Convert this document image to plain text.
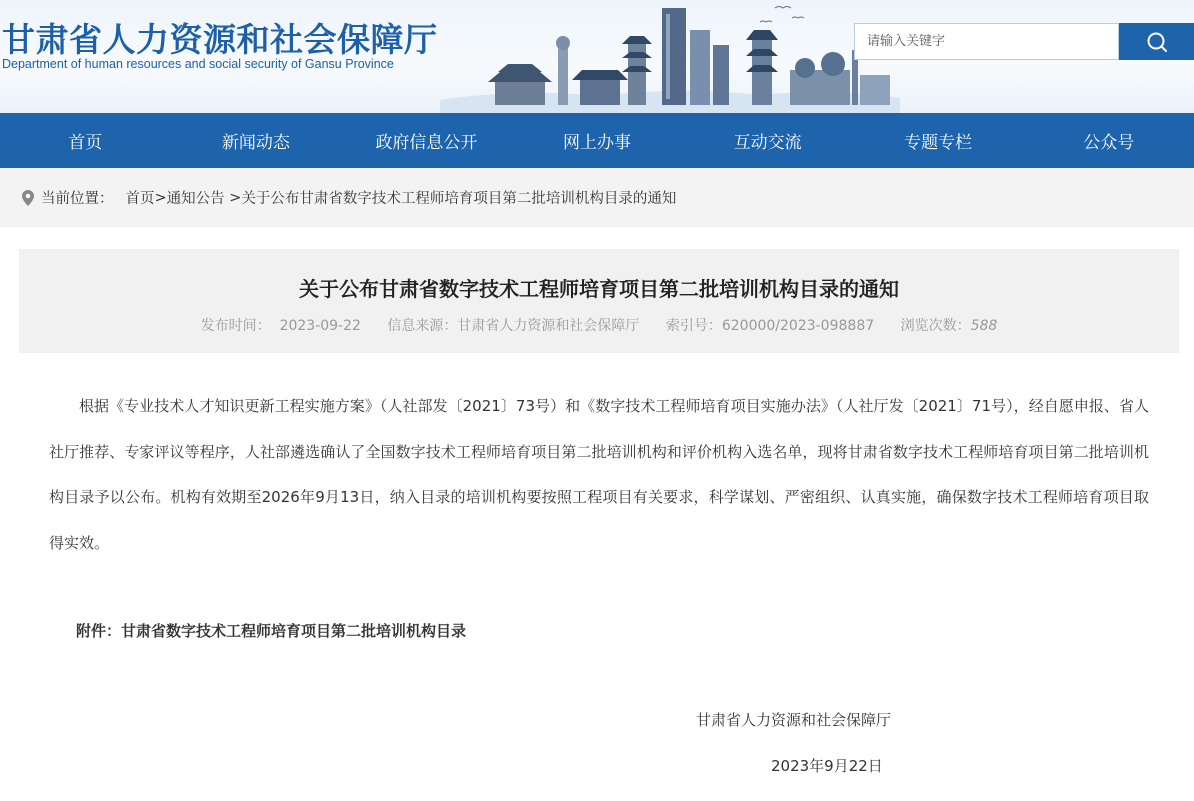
甘肃省人力资源和社会保障厅
Department of human resources and social security of Gansu Province
请输入关键字
首页	新闻动态	政府信息公开	网上办事	互动交流	专题专栏	公众号
当前位置： 首页 > 通知公告 > 关于公布甘肃省数字技术工程师培育项目第二批培训机构目录的通知
关于公布甘肃省数字技术工程师培育项目第二批培训机构目录的通知
发布时间： 2023-09-22 信息来源：甘肃省人力资源和社会保障厅 索引号：620000/2023-098887 浏览次数：588

根据《专业技术人才知识更新工程实施方案》（人社部发〔2021〕73号）和《数字技术工程师培育项目实施办法》（人社厅发〔2021〕71号），经自愿申报、省人社厅推荐、专家评议等程序，人社部遴选确认了全国数字技术工程师培育项目第二批培训机构和评价机构入选名单，现将甘肃省数字技术工程师培育项目第二批培训机构目录予以公布。机构有效期至2026年9月13日，纳入目录的培训机构要按照工程项目有关要求，科学谋划、严密组织、认真实施，确保数字技术工程师培育项目取得实效。

附件：甘肃省数字技术工程师培育项目第二批培训机构目录
甘肃省人力资源和社会保障厅
2023年9月22日
